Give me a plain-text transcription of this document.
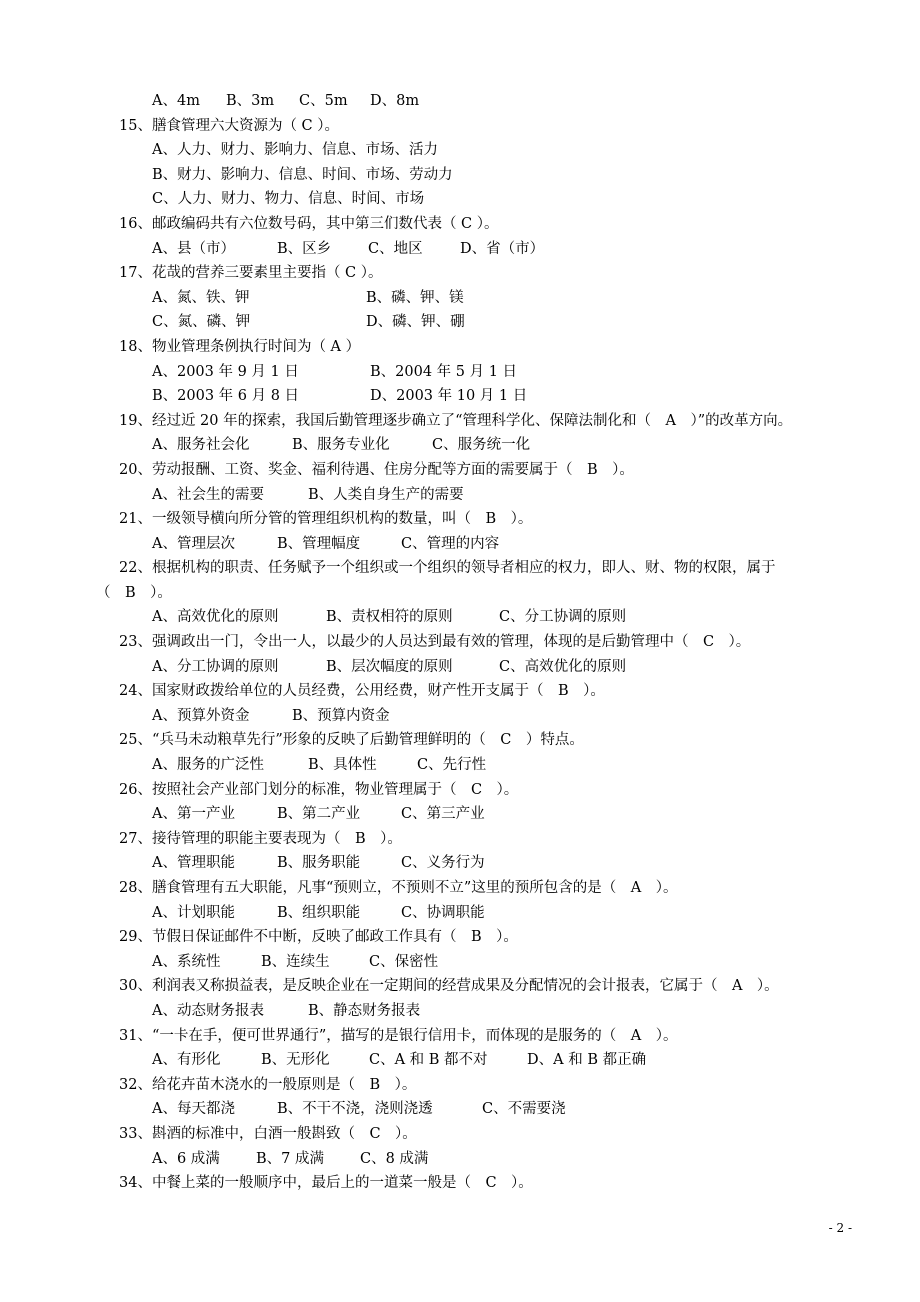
A、4m B、3m C、5m D、8m
15、膳食管理六大资源为（ C ）。
A、人力、财力、影响力、信息、市场、活力
B、财力、影响力、信息、时间、市场、劳动力
C、人力、财力、物力、信息、时间、市场
16、邮政编码共有六位数号码，其中第三们数代表（ C ）。
A、县（市）	B、区乡	C、地区	D、省（市）
17、花哉的营养三要素里主要指（ C ）。
A、氮、铁、钾	B、磷、钾、镁
C、氮、磷、钾	D、磷、钾、硼
18、物业管理条例执行时间为（ A ）
A、2003 年 9 月 1 日	B、2004 年 5 月 1 日
B、2003 年 6 月 8 日	D、2003 年 10 月 1 日
19、经过近 20 年的探索，我国后勤管理逐步确立了“管理科学化、保障法制化和（　A　）”的改革方向。
A、服务社会化	B、服务专业化	C、服务统一化
20、劳动报酬、工资、奖金、福利待遇、住房分配等方面的需要属于（　B　）。
A、社会生的需要	B、人类自身生产的需要
21、一级领导横向所分管的管理组织机构的数量，叫（　B　）。
A、管理层次	B、管理幅度	C、管理的内容
22、根据机构的职责、任务赋予一个组织或一个组织的领导者相应的权力，即人、财、物的权限，属于
（　B　）。
A、高效优化的原则	B、责权相符的原则	C、分工协调的原则
23、强调政出一门，令出一人，以最少的人员达到最有效的管理，体现的是后勤管理中（　C　）。
A、分工协调的原则	B、层次幅度的原则	C、高效优化的原则
24、国家财政拨给单位的人员经费，公用经费，财产性开支属于（　B　）。
A、预算外资金	B、预算内资金
25、“兵马未动粮草先行”形象的反映了后勤管理鲜明的（　C　）特点。
A、服务的广泛性	B、具体性	C、先行性
26、按照社会产业部门划分的标准，物业管理属于（　C　）。
A、第一产业	B、第二产业	C、第三产业
27、接待管理的职能主要表现为（　B　）。
A、管理职能	B、服务职能	C、义务行为
28、膳食管理有五大职能，凡事“预则立，不预则不立”这里的预所包含的是（　A　）。
A、计划职能	B、组织职能	C、协调职能
29、节假日保证邮件不中断，反映了邮政工作具有（　B　）。
A、系统性	B、连续生	C、保密性
30、利润表又称损益表，是反映企业在一定期间的经营成果及分配情况的会计报表，它属于（　A　）。
A、动态财务报表	B、静态财务报表
31、“一卡在手，便可世界通行”，描写的是银行信用卡，而体现的是服务的（　A　）。
A、有形化	B、无形化	C、A 和 B 都不对	D、A 和 B 都正确
32、给花卉苗木浇水的一般原则是（　B　）。
A、每天都浇	B、不干不浇，浇则浇透	C、不需要浇
33、斟酒的标准中，白酒一般斟致（　C　）。
A、6 成满 B、7 成满 C、8 成满
34、中餐上菜的一般顺序中，最后上的一道菜一般是（　C　）。
- 2 -
